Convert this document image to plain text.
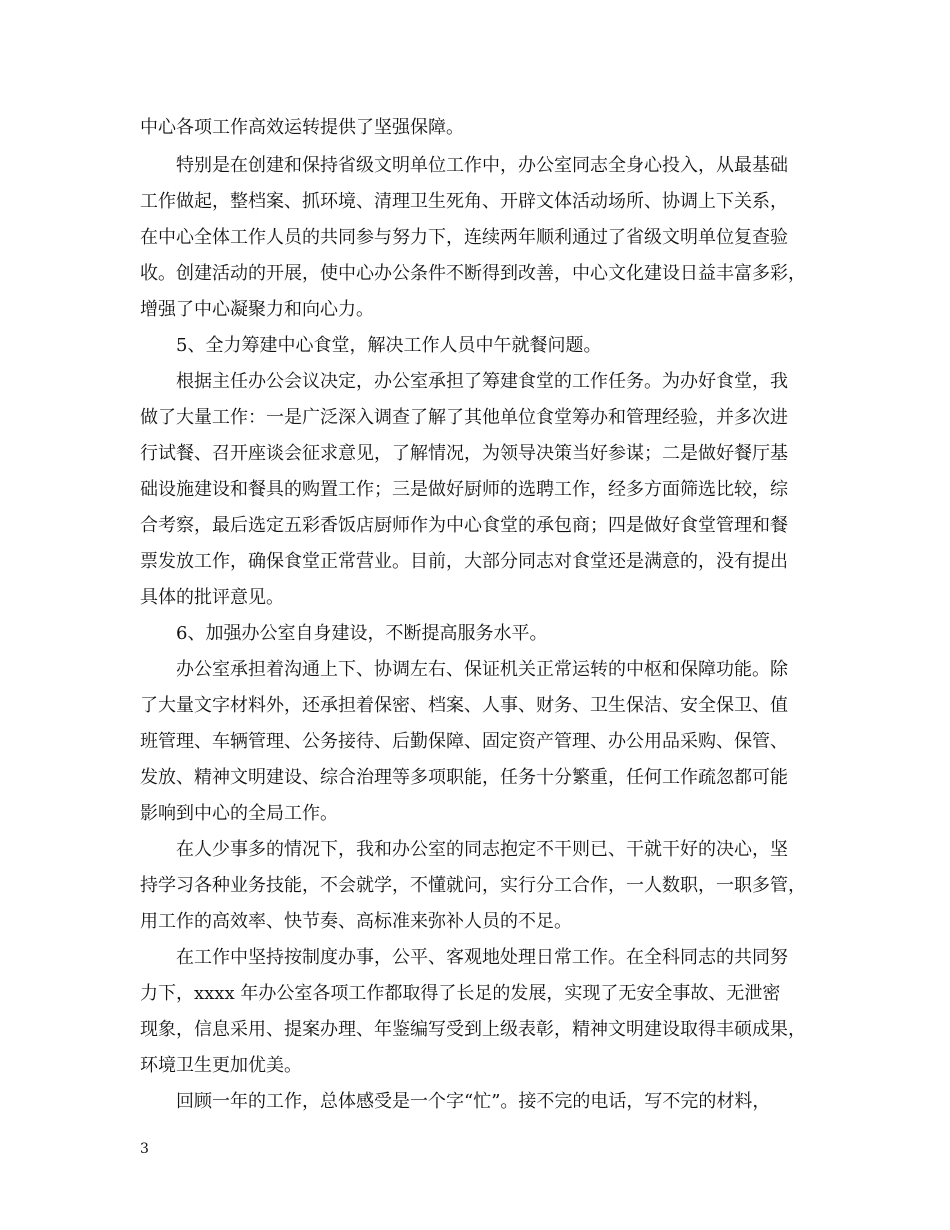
中心各项工作高效运转提供了坚强保障。
特别是在创建和保持省级文明单位工作中，办公室同志全身心投入，从最基础
工作做起，整档案、抓环境、清理卫生死角、开辟文体活动场所、协调上下关系，
在中心全体工作人员的共同参与努力下，连续两年顺利通过了省级文明单位复查验
收。创建活动的开展，使中心办公条件不断得到改善，中心文化建设日益丰富多彩，
增强了中心凝聚力和向心力。
5、全力筹建中心食堂，解决工作人员中午就餐问题。
根据主任办公会议决定，办公室承担了筹建食堂的工作任务。为办好食堂，我
做了大量工作：一是广泛深入调查了解了其他单位食堂筹办和管理经验，并多次进
行试餐、召开座谈会征求意见，了解情况，为领导决策当好参谋；二是做好餐厅基
础设施建设和餐具的购置工作；三是做好厨师的选聘工作，经多方面筛选比较，综
合考察，最后选定五彩香饭店厨师作为中心食堂的承包商；四是做好食堂管理和餐
票发放工作，确保食堂正常营业。目前，大部分同志对食堂还是满意的，没有提出
具体的批评意见。
6、加强办公室自身建设，不断提高服务水平。
办公室承担着沟通上下、协调左右、保证机关正常运转的中枢和保障功能。除
了大量文字材料外，还承担着保密、档案、人事、财务、卫生保洁、安全保卫、值
班管理、车辆管理、公务接待、后勤保障、固定资产管理、办公用品采购、保管、
发放、精神文明建设、综合治理等多项职能，任务十分繁重，任何工作疏忽都可能
影响到中心的全局工作。
在人少事多的情况下，我和办公室的同志抱定不干则已、干就干好的决心，坚
持学习各种业务技能，不会就学，不懂就问，实行分工合作，一人数职，一职多管，
用工作的高效率、快节奏、高标准来弥补人员的不足。
在工作中坚持按制度办事，公平、客观地处理日常工作。在全科同志的共同努
力下，xxxx 年办公室各项工作都取得了长足的发展，实现了无安全事故、无泄密
现象，信息采用、提案办理、年鉴编写受到上级表彰，精神文明建设取得丰硕成果，
环境卫生更加优美。
回顾一年的工作，总体感受是一个字“忙”。接不完的电话，写不完的材料，
3
